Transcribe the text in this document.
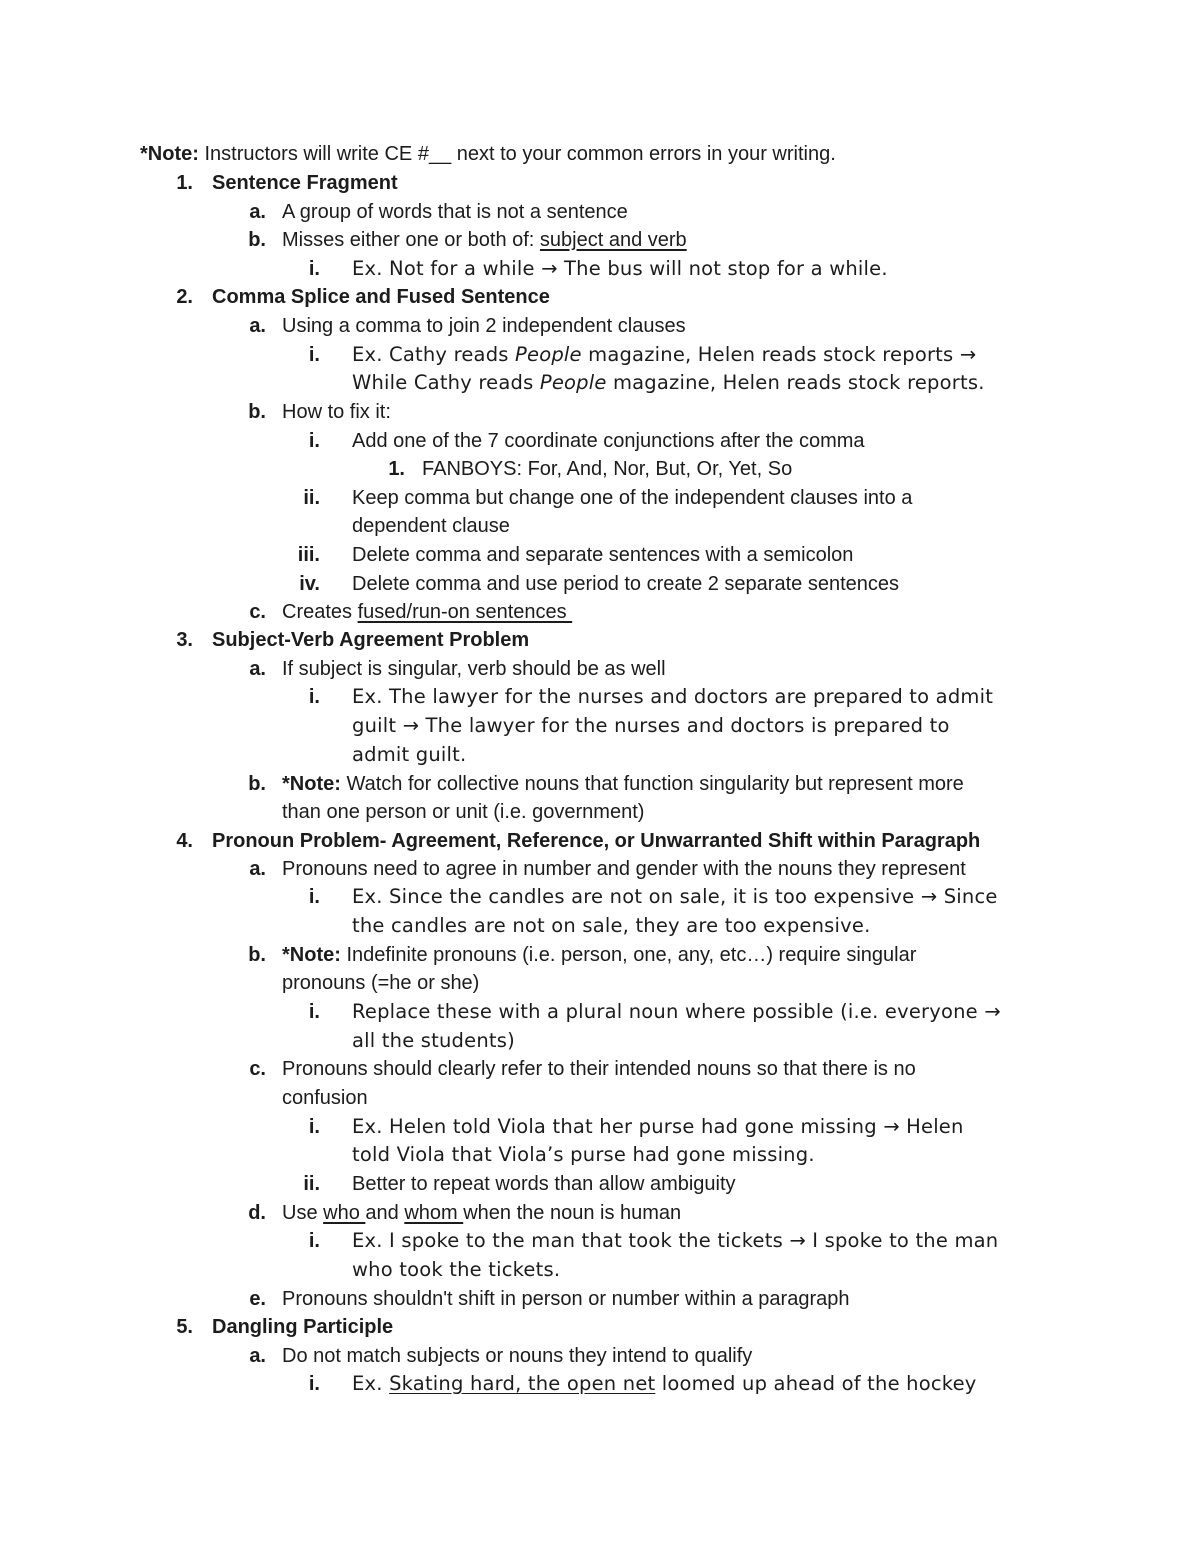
*Note: Instructors will write CE #__ next to your common errors in your writing.
1. Sentence Fragment
a. A group of words that is not a sentence
b. Misses either one or both of: subject and verb
i. Ex. Not for a while → The bus will not stop for a while.
2. Comma Splice and Fused Sentence
a. Using a comma to join 2 independent clauses
i. Ex. Cathy reads People magazine, Helen reads stock reports →
While Cathy reads People magazine, Helen reads stock reports.
b. How to fix it:
i. Add one of the 7 coordinate conjunctions after the comma
1. FANBOYS: For, And, Nor, But, Or, Yet, So
ii. Keep comma but change one of the independent clauses into a
dependent clause
iii. Delete comma and separate sentences with a semicolon
iv. Delete comma and use period to create 2 separate sentences
c. Creates fused/run-on sentences
3. Subject-Verb Agreement Problem
a. If subject is singular, verb should be as well
i. Ex. The lawyer for the nurses and doctors are prepared to admit
guilt → The lawyer for the nurses and doctors is prepared to
admit guilt.
b. *Note: Watch for collective nouns that function singularity but represent more
than one person or unit (i.e. government)
4. Pronoun Problem- Agreement, Reference, or Unwarranted Shift within Paragraph
a. Pronouns need to agree in number and gender with the nouns they represent
i. Ex. Since the candles are not on sale, it is too expensive → Since
the candles are not on sale, they are too expensive.
b. *Note: Indefinite pronouns (i.e. person, one, any, etc…) require singular
pronouns (=he or she)
i. Replace these with a plural noun where possible (i.e. everyone →
all the students)
c. Pronouns should clearly refer to their intended nouns so that there is no
confusion
i. Ex. Helen told Viola that her purse had gone missing → Helen
told Viola that Viola’s purse had gone missing.
ii. Better to repeat words than allow ambiguity
d. Use who and whom when the noun is human
i. Ex. I spoke to the man that took the tickets → I spoke to the man
who took the tickets.
e. Pronouns shouldn't shift in person or number within a paragraph
5. Dangling Participle
a. Do not match subjects or nouns they intend to qualify
i. Ex. Skating hard, the open net loomed up ahead of the hockey
